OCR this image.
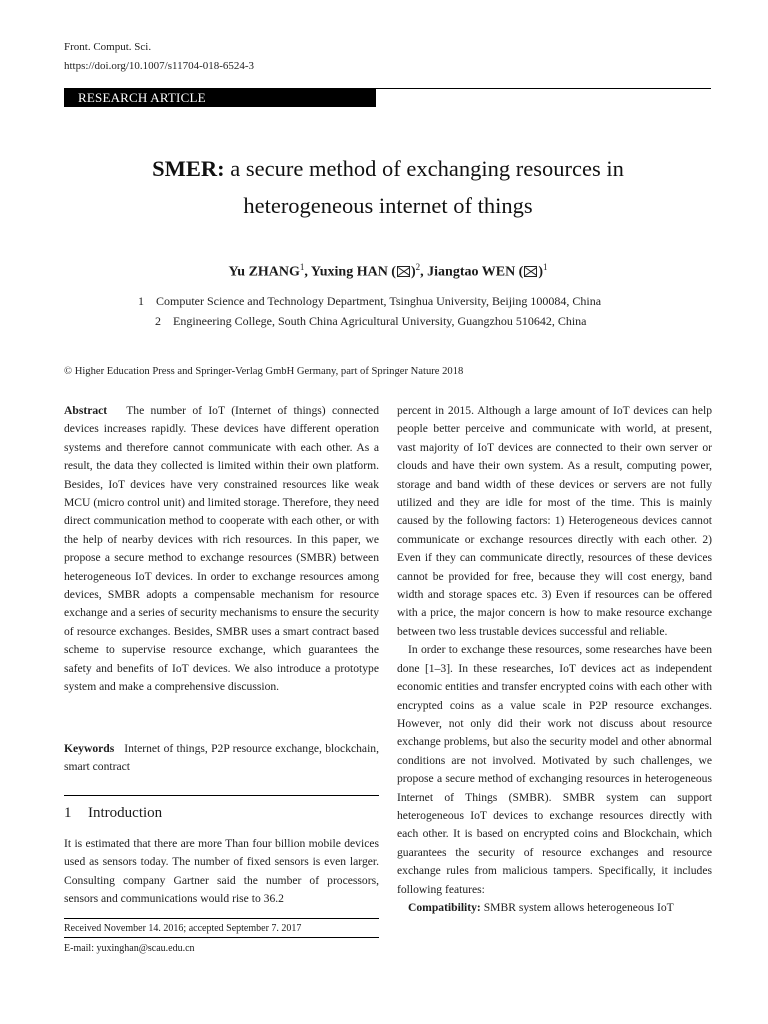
Front. Comput. Sci.
https://doi.org/10.1007/s11704-018-6524-3
RESEARCH ARTICLE
SMER: a secure method of exchanging resources in
heterogeneous internet of things
Yu ZHANG$^1$, Yuxing HAN ( )$^2$, Jiangtao WEN ( )$^1$
1 Computer Science and Technology Department, Tsinghua University, Beijing 100084, China
2 Engineering College, South China Agricultural University, Guangzhou 510642, China
© Higher Education Press and Springer-Verlag GmbH Germany, part of Springer Nature 2018

Abstract The number of IoT (Internet of things) connected devices increases rapidly. These devices have different operation systems and therefore cannot communicate with each other. As a result, the data they collected is limited within their own platform. Besides, IoT devices have very constrained resources like weak MCU (micro control unit) and limited storage. Therefore, they need direct communication method to cooperate with each other, or with the help of nearby devices with rich resources. In this paper, we propose a secure method to exchange resources (SMBR) between heterogeneous IoT devices. In order to exchange resources among devices, SMBR adopts a compensable mechanism for resource exchange and a series of security mechanisms to ensure the security of resource exchanges. Besides, SMBR uses a smart contract based scheme to supervise resource exchange, which guarantees the safety and benefits of IoT devices. We also introduce a prototype system and make a comprehensive discussion.

Keywords Internet of things, P2P resource exchange, blockchain, smart contract

1 Introduction

It is estimated that there are more Than four billion mobile devices used as sensors today. The number of fixed sensors is even larger. Consulting company Gartner said the number of processors, sensors and communications would rise to 36.2

Received November 14. 2016; accepted September 7. 2017
E-mail: yuxinghan@scau.edu.cn

percent in 2015. Although a large amount of IoT devices can help people better perceive and communicate with world, at present, vast majority of IoT devices are connected to their own server or clouds and have their own system. As a result, computing power, storage and band width of these devices or servers are not fully utilized and they are idle for most of the time. This is mainly caused by the following factors: 1) Heterogeneous devices cannot communicate or exchange resources directly with each other. 2) Even if they can communicate directly, resources of these devices cannot be provided for free, because they will cost energy, band width and storage spaces etc. 3) Even if resources can be offered with a price, the major concern is how to make resource exchange between two less trustable devices successful and reliable.

In order to exchange these resources, some researches have been done [1–3]. In these researches, IoT devices act as independent economic entities and transfer encrypted coins with each other with encrypted coins as a value scale in P2P resource exchanges. However, not only did their work not discuss about resource exchange problems, but also the security model and other abnormal conditions are not involved. Motivated by such challenges, we propose a secure method of exchanging resources in heterogeneous Internet of Things (SMBR). SMBR system can support heterogeneous IoT devices to exchange resources directly with each other. It is based on encrypted coins and Blockchain, which guarantees the security of resource exchanges and resource exchange rules from malicious tampers. Specifically, it includes following features:

Compatibility: SMBR system allows heterogeneous IoT
